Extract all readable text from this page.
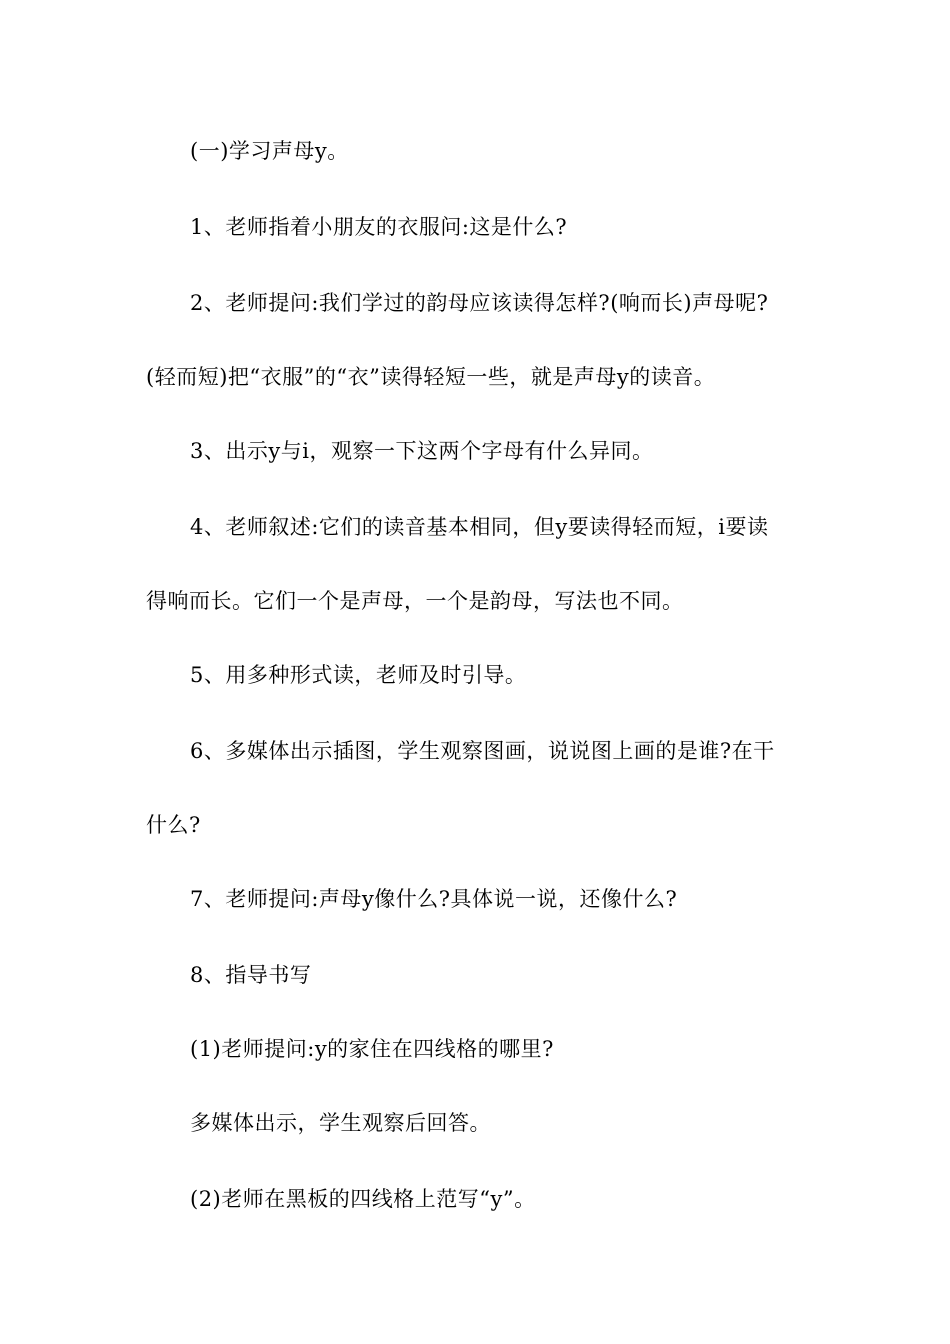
(一)学习声母y。
1、老师指着小朋友的衣服问:这是什么?
2、老师提问:我们学过的韵母应该读得怎样?(响而长)声母呢?
(轻而短)把“衣服”的“衣”读得轻短一些，就是声母y的读音。
3、出示y与i，观察一下这两个字母有什么异同。
4、老师叙述:它们的读音基本相同，但y要读得轻而短，i要读
得响而长。它们一个是声母，一个是韵母，写法也不同。
5、用多种形式读，老师及时引导。
6、多媒体出示插图，学生观察图画，说说图上画的是谁?在干
什么?
7、老师提问:声母y像什么?具体说一说，还像什么?
8、指导书写
(1)老师提问:y的家住在四线格的哪里?
多媒体出示，学生观察后回答。
(2)老师在黑板的四线格上范写“y”。
